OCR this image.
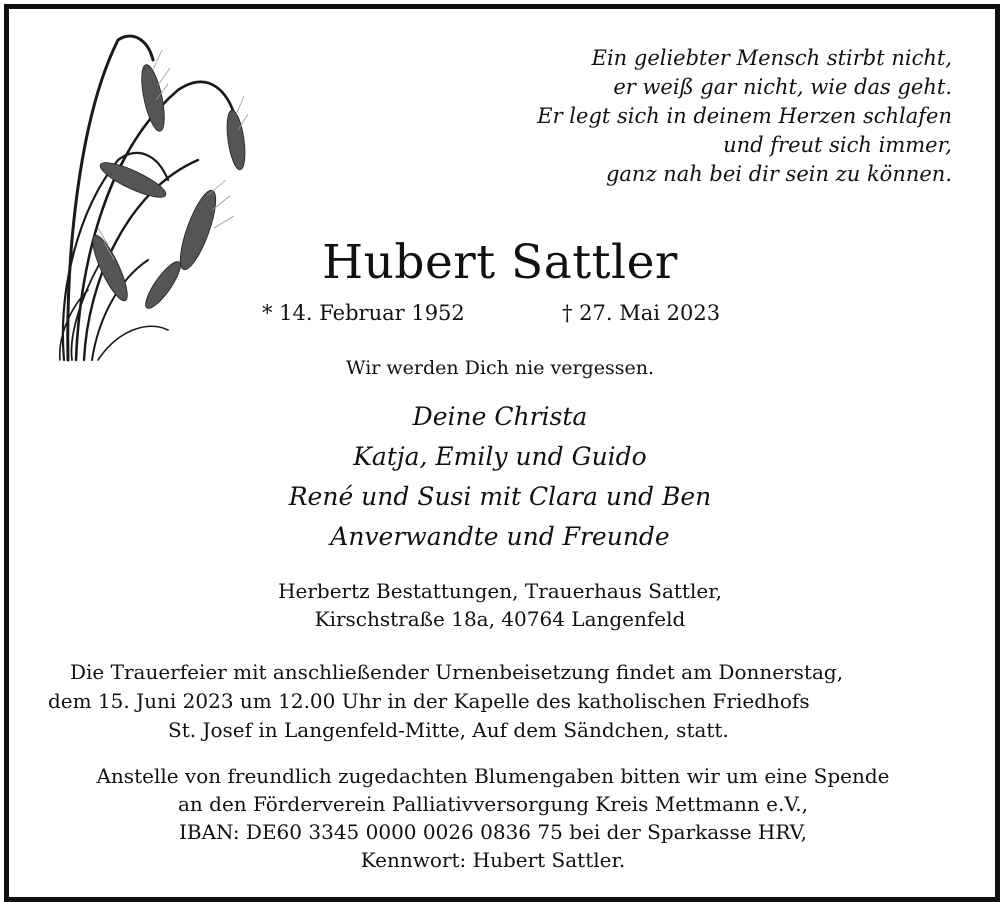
Ein geliebter Mensch stirbt nicht,
er weiß gar nicht, wie das geht.
Er legt sich in deinem Herzen schlafen
und freut sich immer,
ganz nah bei dir sein zu können.
Hubert Sattler
* 14. Februar 1952	† 27. Mai 2023
Wir werden Dich nie vergessen.
Deine Christa
Katja, Emily und Guido
René und Susi mit Clara und Ben
Anverwandte und Freunde
Herbertz Bestattungen, Trauerhaus Sattler,
Kirschstraße 18a, 40764 Langenfeld
Die Trauerfeier mit anschließender Urnenbeisetzung findet am Donnerstag,
dem 15. Juni 2023 um 12.00 Uhr in der Kapelle des katholischen Friedhofs
St. Josef in Langenfeld-Mitte, Auf dem Sändchen, statt.
Anstelle von freundlich zugedachten Blumengaben bitten wir um eine Spende
an den Förderverein Palliativversorgung Kreis Mettmann e.V.,
IBAN: DE60 3345 0000 0026 0836 75 bei der Sparkasse HRV,
Kennwort: Hubert Sattler.
